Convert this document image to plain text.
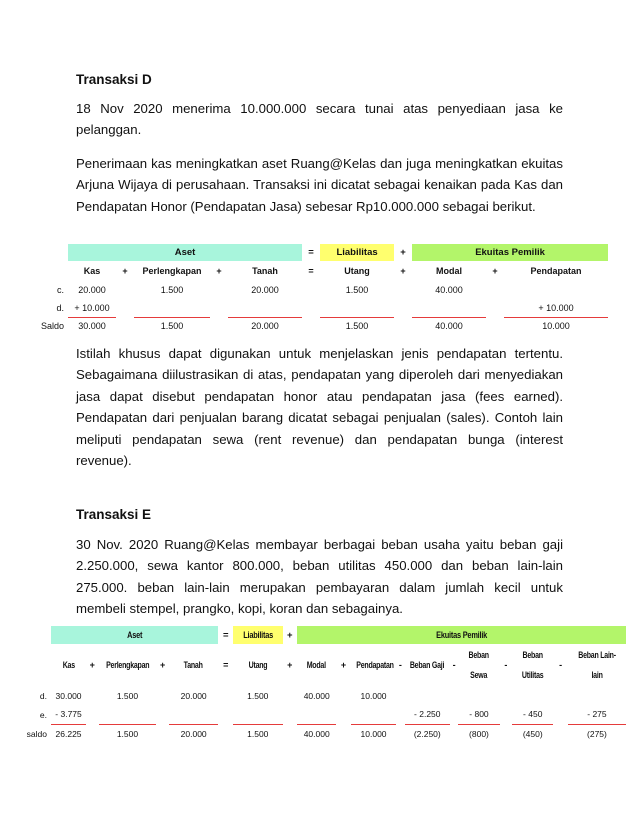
Transaksi D
18 Nov 2020 menerima 10.000.000 secara tunai atas penyediaan jasa ke pelanggan.
Penerimaan kas meningkatkan aset Ruang@Kelas dan juga meningkatkan ekuitas Arjuna Wijaya di perusahaan. Transaksi ini dicatat sebagai kenaikan pada Kas dan Pendapatan Honor (Pendapatan Jasa) sebesar Rp10.000.000 sebagai berikut.
	Aset					=	Liabilitas	+	Ekuitas Pemilik		
	Kas	+	Perlengkapan	+	Tanah	=	Utang	+	Modal	+	Pendapatan
c.	20.000		1.500		20.000		1.500		40.000		
d.	+ 10.000										+ 10.000
Saldo	30.000		1.500		20.000		1.500		40.000		10.000
Istilah khusus dapat digunakan untuk menjelaskan jenis pendapatan tertentu. Sebagaimana diilustrasikan di atas, pendapatan yang diperoleh dari menyediakan jasa dapat disebut pendapatan honor atau pendapatan jasa (fees earned). Pendapatan dari penjualan barang dicatat sebagai penjualan (sales). Contoh lain meliputi pendapatan sewa (rent revenue) dan pendapatan bunga (interest revenue).
Transaksi E
30 Nov. 2020 Ruang@Kelas membayar berbagai beban usaha yaitu beban gaji 2.250.000, sewa kantor 800.000, beban utilitas 450.000 dan beban lain-lain 275.000. beban lain-lain merupakan pembayaran dalam jumlah kecil untuk membeli stempel, prangko, kopi, koran dan sebagainya.
	Aset					=	Liabilitas	+	Ekuitas Pemilik										
	Kas	+	Perlengkapan	+	Tanah	=	Utang	+	Modal	+	Pendapatan	-	Beban Gaji	-	Beban Sewa	-	Beban Utilitas	-	Beban Lain-lain
d.	30.000		1.500		20.000		1.500		40.000		10.000								
e.	- 3.775												- 2.250		- 800		- 450		- 275
saldo	26.225		1.500		20.000		1.500		40.000		10.000		(2.250)		(800)		(450)		(275)
